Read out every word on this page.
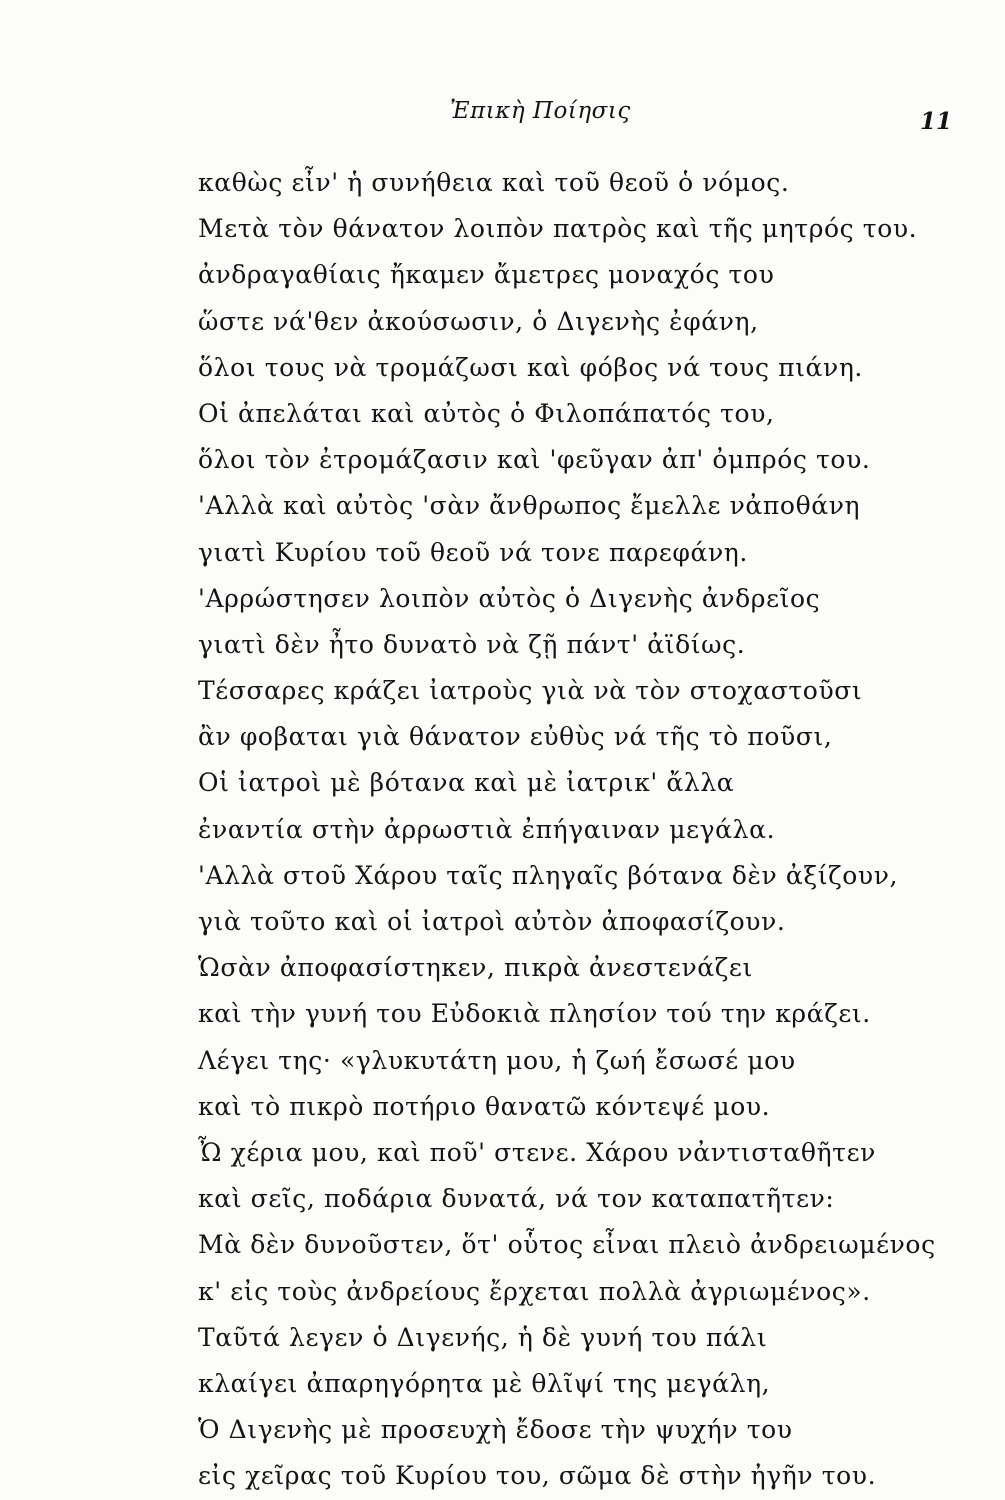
Ἐπικὴ Ποίησις	11
καθὼς εἶν' ἡ συνήθεια καὶ τοῦ θεοῦ ὁ νόμος.
Μετὰ τὸν θάνατον λοιπὸν πατρὸς καὶ τῆς μητρός του.
ἀνδραγαθίαις ἤκαμεν ἄμετρες μοναχός του
ὥστε νά'θεν ἀκούσωσιν, ὁ Διγενὴς ἐφάνη,
ὅλοι τους νὰ τρομάζωσι καὶ φόβος νά τους πιάνη.
Οἱ ἀπελάται καὶ αὐτὸς ὁ Φιλοπάπατός του,
ὅλοι τὸν ἐτρομάζασιν καὶ 'φεῦγαν ἀπ' ὀμπρός του.
'Αλλὰ καὶ αὐτὸς 'σὰν ἄνθρωπος ἔμελλε νἀποθάνη
γιατὶ Κυρίου τοῦ θεοῦ νά τονε παρεφάνη.
'Αρρώστησεν λοιπὸν αὐτὸς ὁ Διγενὴς ἀνδρεῖος
γιατὶ δὲν ἦτο δυνατὸ νὰ ζῇ πάντ' ἀϊδίως.
Τέσσαρες κράζει ἰατροὺς γιὰ νὰ τὸν στοχαστοῦσι
ἂν φοβαται γιὰ θάνατον εὐθὺς νά τῆς τὸ ποῦσι,
Οἱ ἰατροὶ μὲ βότανα καὶ μὲ ἰατρικ' ἄλλα
ἐναντία στὴν ἀρρωστιὰ ἐπήγαιναν μεγάλα.
'Αλλὰ στοῦ Χάρου ταῖς πληγαῖς βότανα δὲν ἀξίζουν,
γιὰ τοῦτο καὶ οἱ ἰατροὶ αὐτὸν ἀποφασίζουν.
Ὡσὰν ἀποφασίστηκεν, πικρὰ ἀνεστενάζει
καὶ τὴν γυνή του Εὐδοκιὰ πλησίον τού την κράζει.
Λέγει της· «γλυκυτάτη μου, ἡ ζωή ἔσωσέ μου
καὶ τὸ πικρὸ ποτήριο θανατῶ κόντεψέ μου.
Ὦ χέρια μου, καὶ ποῦ' στενε. Χάρου νἀντισταθῆτεν
καὶ σεῖς, ποδάρια δυνατά, νά τον καταπατῆτεν:
Μὰ δὲν δυνοῦστεν, ὅτ' οὗτος εἶναι πλειὸ ἀνδρειωμένος
κ' εἰς τοὺς ἀνδρείους ἔρχεται πολλὰ ἀγριωμένος».
Ταῦτά λεγεν ὁ Διγενής, ἡ δὲ γυνή του πάλι
κλαίγει ἀπαρηγόρητα μὲ θλῖψί της μεγάλη,
Ὁ Διγενὴς μὲ προσευχὴ ἔδοσε τὴν ψυχήν του
εἰς χεῖρας τοῦ Κυρίου του, σῶμα δὲ στὴν ἠγῆν του.
